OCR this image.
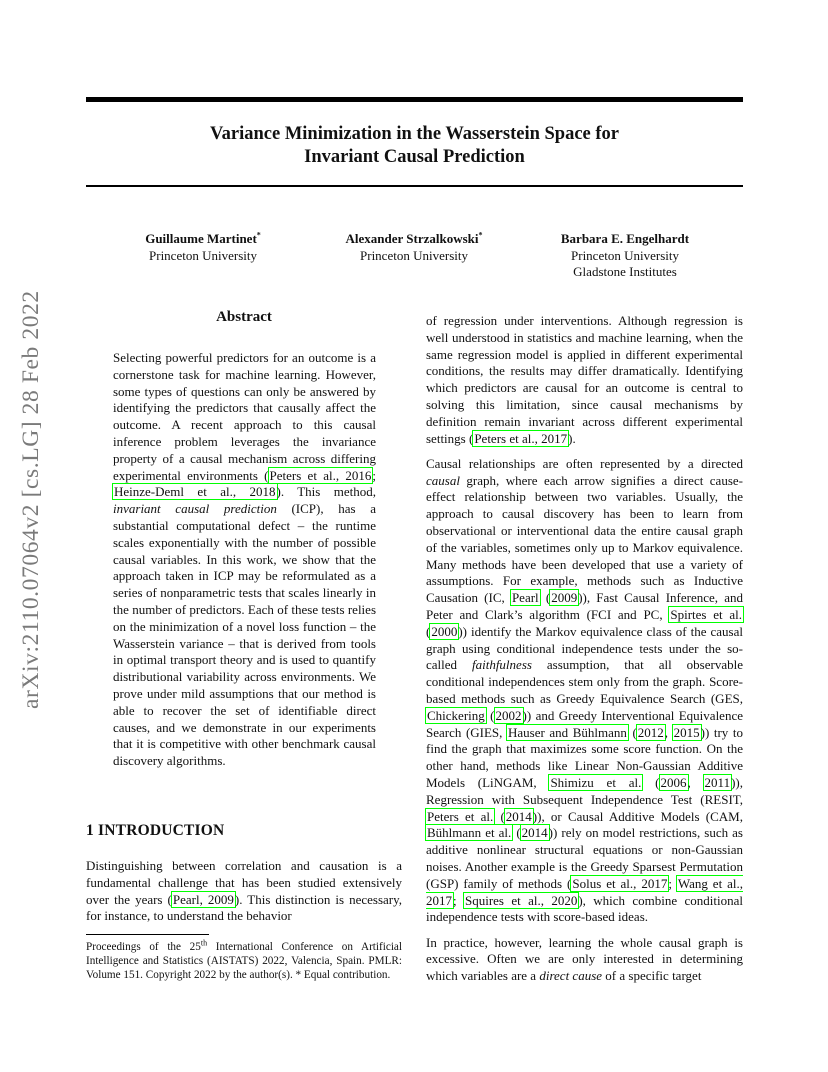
Variance Minimization in the Wasserstein Space for
Invariant Causal Prediction
arXiv:2110.07064v2 [cs.LG] 28 Feb 2022
Guillaume Martinet*
Princeton University
Alexander Strzalkowski*
Princeton University
Barbara E. Engelhardt
Princeton University
Gladstone Institutes
Abstract

Selecting powerful predictors for an outcome is a cornerstone task for machine learning. However, some types of questions can only be answered by identifying the predictors that causally affect the outcome. A recent approach to this causal inference problem leverages the invariance property of a causal mechanism across differing experimental environments (Peters et al., 2016; Heinze-Deml et al., 2018). This method, invariant causal prediction (ICP), has a substantial computational defect – the runtime scales exponentially with the number of possible causal variables. In this work, we show that the approach taken in ICP may be reformulated as a series of nonparametric tests that scales linearly in the number of predictors. Each of these tests relies on the minimization of a novel loss function – the Wasserstein variance – that is derived from tools in optimal transport theory and is used to quantify distributional variability across environments. We prove under mild assumptions that our method is able to recover the set of identifiable direct causes, and we demonstrate in our experiments that it is competitive with other benchmark causal discovery algorithms.

1 INTRODUCTION

Distinguishing between correlation and causation is a fundamental challenge that has been studied extensively over the years (Pearl, 2009). This distinction is necessary, for instance, to understand the behavior

Proceedings of the 25th International Conference on Artificial Intelligence and Statistics (AISTATS) 2022, Valencia, Spain. PMLR: Volume 151. Copyright 2022 by the author(s). * Equal contribution.

of regression under interventions. Although regression is well understood in statistics and machine learning, when the same regression model is applied in different experimental conditions, the results may differ dramatically. Identifying which predictors are causal for an outcome is central to solving this limitation, since causal mechanisms by definition remain invariant across different experimental settings (Peters et al., 2017).

Causal relationships are often represented by a directed causal graph, where each arrow signifies a direct cause-effect relationship between two variables. Usually, the approach to causal discovery has been to learn from observational or interventional data the entire causal graph of the variables, sometimes only up to Markov equivalence. Many methods have been developed that use a variety of assumptions. For example, methods such as Inductive Causation (IC, Pearl (2009)), Fast Causal Inference, and Peter and Clark’s algorithm (FCI and PC, Spirtes et al. (2000)) identify the Markov equivalence class of the causal graph using conditional independence tests under the so-called faithfulness assumption, that all observable conditional independences stem only from the graph. Score-based methods such as Greedy Equivalence Search (GES, Chickering (2002)) and Greedy Interventional Equivalence Search (GIES, Hauser and Bühlmann (2012, 2015)) try to find the graph that maximizes some score function. On the other hand, methods like Linear Non-Gaussian Additive Models (LiNGAM, Shimizu et al. (2006, 2011)), Regression with Subsequent Independence Test (RESIT, Peters et al. (2014)), or Causal Additive Models (CAM, Bühlmann et al. (2014)) rely on model restrictions, such as additive nonlinear structural equations or non-Gaussian noises. Another example is the Greedy Sparsest Permutation (GSP) family of methods (Solus et al., 2017; Wang et al., 2017; Squires et al., 2020), which combine conditional independence tests with score-based ideas.

In practice, however, learning the whole causal graph is excessive. Often we are only interested in determining which variables are a direct cause of a specific target
